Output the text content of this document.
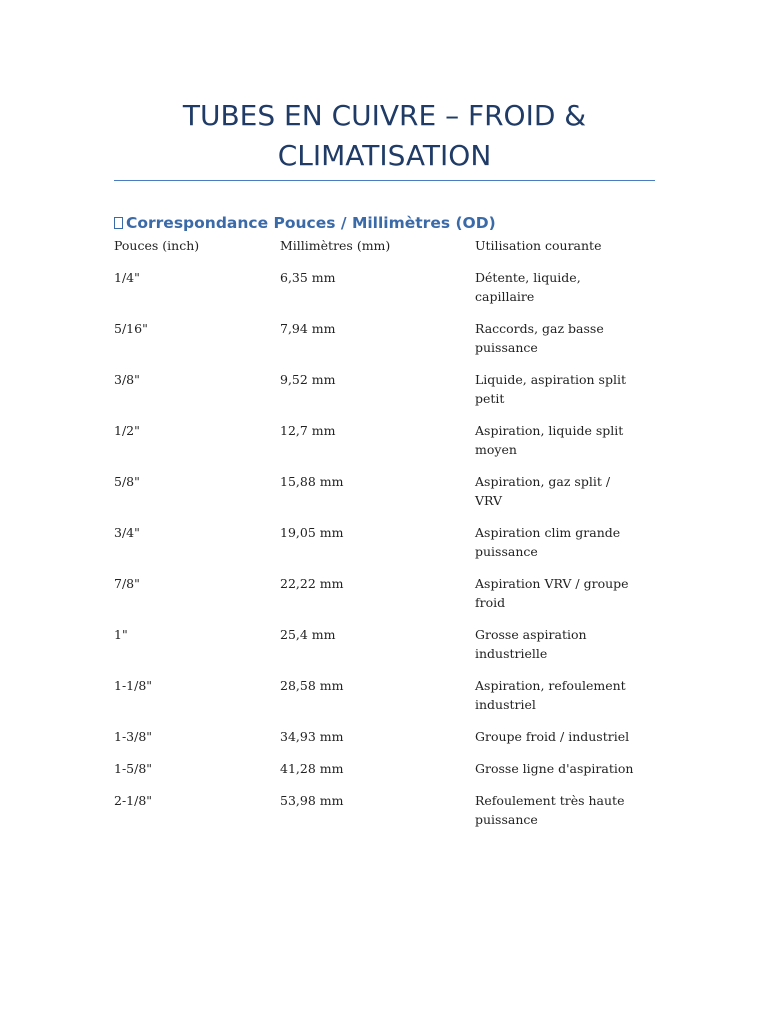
TUBES EN CUIVRE – FROID & CLIMATISATION
Correspondance Pouces / Millimètres (OD)
Pouces (inch)	Millimètres (mm)	Utilisation courante
1/4"	6,35 mm	Détente, liquide, capillaire
5/16"	7,94 mm	Raccords, gaz basse puissance
3/8"	9,52 mm	Liquide, aspiration split petit
1/2"	12,7 mm	Aspiration, liquide split moyen
5/8"	15,88 mm	Aspiration, gaz split / VRV
3/4"	19,05 mm	Aspiration clim grande puissance
7/8"	22,22 mm	Aspiration VRV / groupe froid
1"	25,4 mm	Grosse aspiration industrielle
1-1/8"	28,58 mm	Aspiration, refoulement industriel
1-3/8"	34,93 mm	Groupe froid / industriel
1-5/8"	41,28 mm	Grosse ligne d'aspiration
2-1/8"	53,98 mm	Refoulement très haute puissance
